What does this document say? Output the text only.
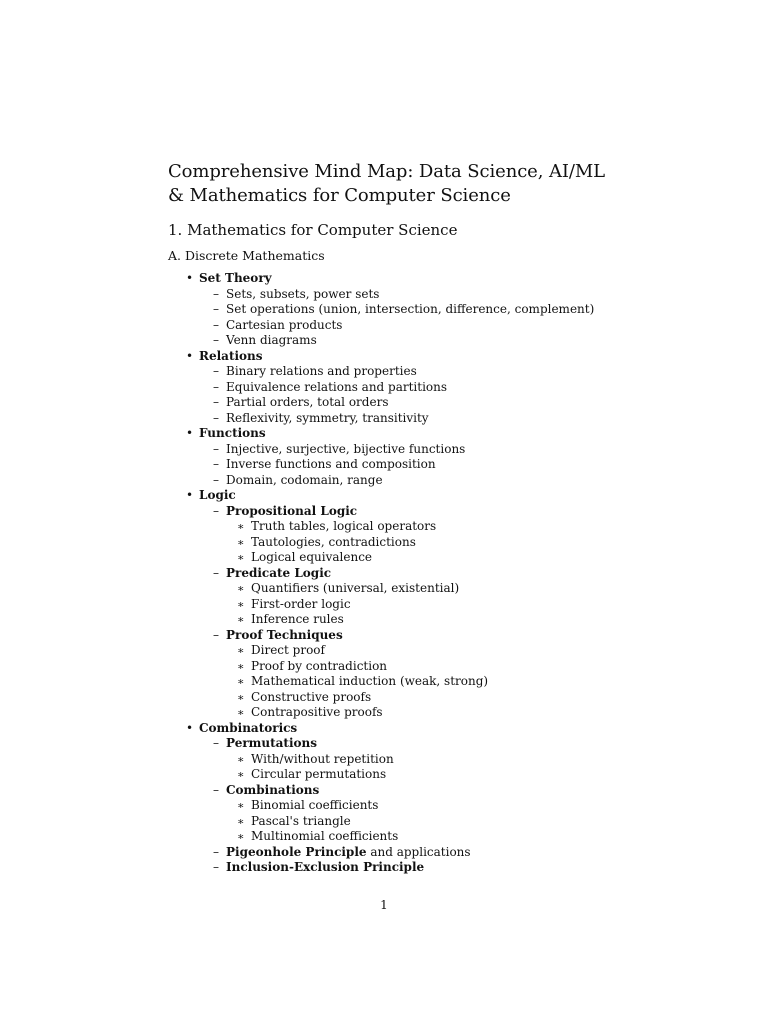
Comprehensive Mind Map: Data Science, AI/ML
& Mathematics for Computer Science
1. Mathematics for Computer Science
A. Discrete Mathematics
• Set Theory
– Sets, subsets, power sets
– Set operations (union, intersection, difference, complement)
– Cartesian products
– Venn diagrams
• Relations
– Binary relations and properties
– Equivalence relations and partitions
– Partial orders, total orders
– Reflexivity, symmetry, transitivity
• Functions
– Injective, surjective, bijective functions
– Inverse functions and composition
– Domain, codomain, range
• Logic
– Propositional Logic
∗ Truth tables, logical operators
∗ Tautologies, contradictions
∗ Logical equivalence
– Predicate Logic
∗ Quantifiers (universal, existential)
∗ First-order logic
∗ Inference rules
– Proof Techniques
∗ Direct proof
∗ Proof by contradiction
∗ Mathematical induction (weak, strong)
∗ Constructive proofs
∗ Contrapositive proofs
• Combinatorics
– Permutations
∗ With/without repetition
∗ Circular permutations
– Combinations
∗ Binomial coefficients
∗ Pascal's triangle
∗ Multinomial coefficients
– Pigeonhole Principle and applications
– Inclusion-Exclusion Principle
1
